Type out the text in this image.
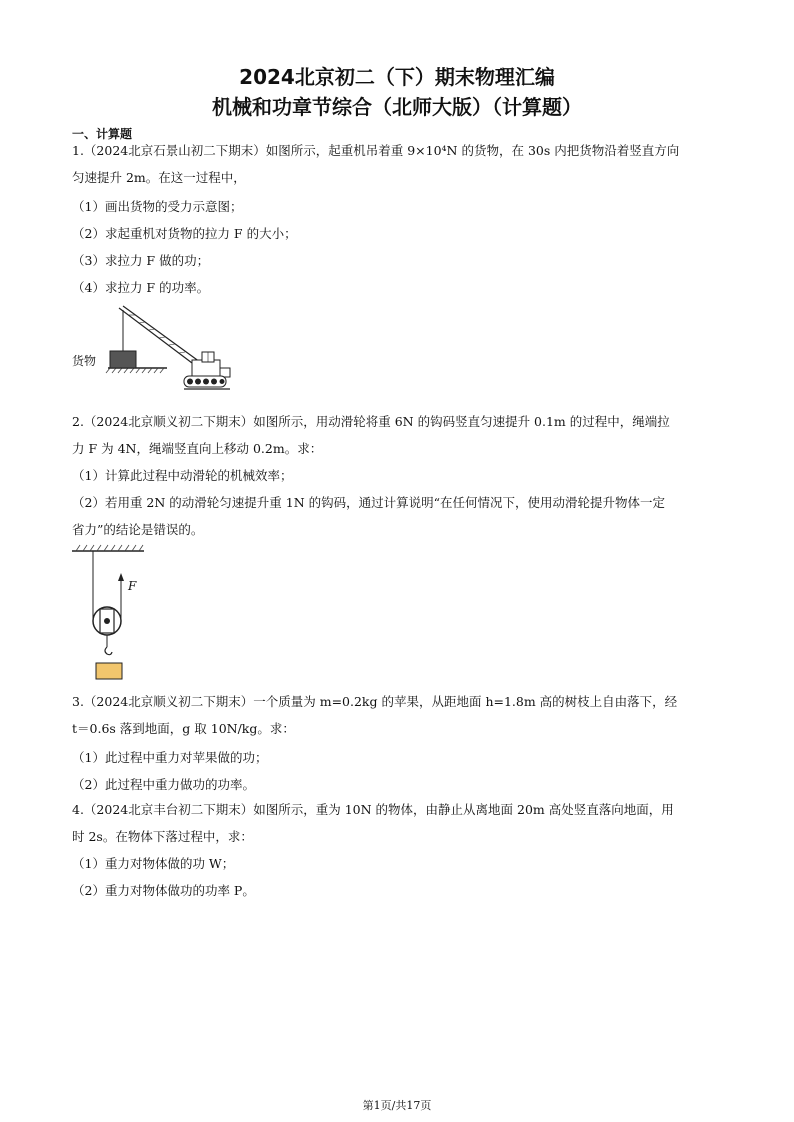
2024北京初二（下）期末物理汇编
机械和功章节综合（北师大版）（计算题）
一、计算题
1.（2024北京石景山初二下期末）如图所示，起重机吊着重 9×10⁴N 的货物，在 30s 内把货物沿着竖直方向
匀速提升 2m。在这一过程中，
（1）画出货物的受力示意图；
（2）求起重机对货物的拉力 F 的大小；
（3）求拉力 F 做的功；
（4）求拉力 F 的功率。
货物
2.（2024北京顺义初二下期末）如图所示，用动滑轮将重 6N 的钩码竖直匀速提升 0.1m 的过程中，绳端拉
力 F 为 4N，绳端竖直向上移动 0.2m。求：
（1）计算此过程中动滑轮的机械效率；
（2）若用重 2N 的动滑轮匀速提升重 1N 的钩码，通过计算说明“在任何情况下，使用动滑轮提升物体一定
省力”的结论是错误的。
F
3.（2024北京顺义初二下期末）一个质量为 m=0.2kg 的苹果，从距地面 h=1.8m 高的树枝上自由落下，经
t＝0.6s 落到地面，g 取 10N/kg。求：
（1）此过程中重力对苹果做的功；
（2）此过程中重力做功的功率。
4.（2024北京丰台初二下期末）如图所示，重为 10N 的物体，由静止从离地面 20m 高处竖直落向地面，用
时 2s。在物体下落过程中，求：
（1）重力对物体做的功 W；
（2）重力对物体做功的功率 P。
第1页/共17页
